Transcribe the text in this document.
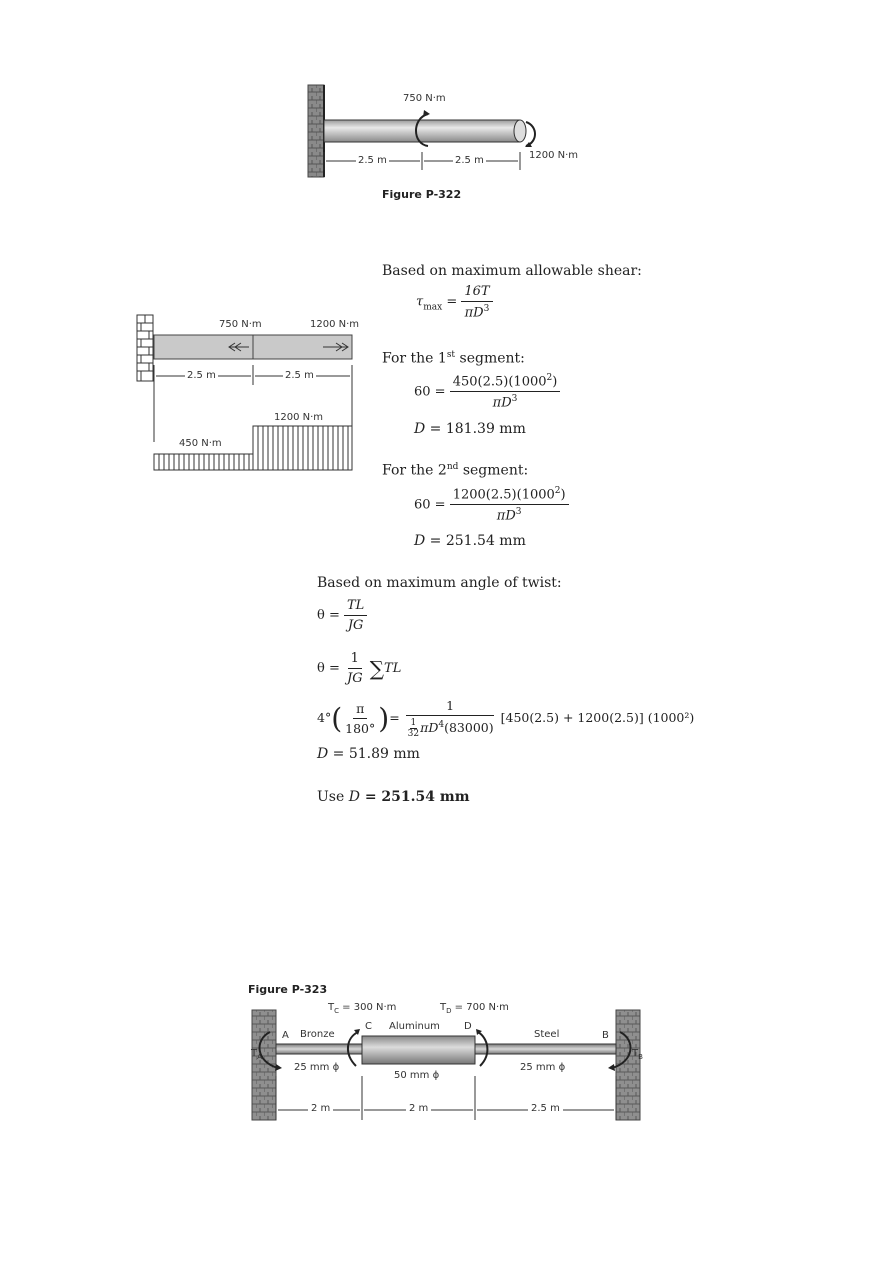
750 N·m
1200 N·m
2.5 m	2.5 m
Figure P-322
750 N·m	1200 N·m
2.5 m	2.5 m
1200 N·m
450 N·m
Based on maximum allowable shear:
$\tau_{max} = \frac{16T}{\pi D^3}$
For the 1st segment:
$60 = \frac{450(2.5)(1000^2)}{\pi D^3}$
D = 181.39 mm
For the 2nd segment:
$60 = \frac{1200(2.5)(1000^2)}{\pi D^3}$
D = 251.54 mm
Based on maximum angle of twist:
$\theta = \frac{TL}{JG}$
$\theta = \frac{1}{JG} \sum TL$
$4^\circ( \frac{\pi}{180^\circ}$ )= $\frac{1}{\frac{1}{32} \pi D^4(83000)} [450(2.5) + 1200(2.5)]$ (1000²)
D = 51.89 mm
Use D = 251.54 mm
Figure P-323
$T_C = 300$ N·m	$T_D = 700$ N·m
A Bronze
C Aluminum D
Steel	B
$T_A$	$T_B$
25 mm ϕ
50 mm ϕ
25 mm ϕ
2 m	2 m	2.5 m
